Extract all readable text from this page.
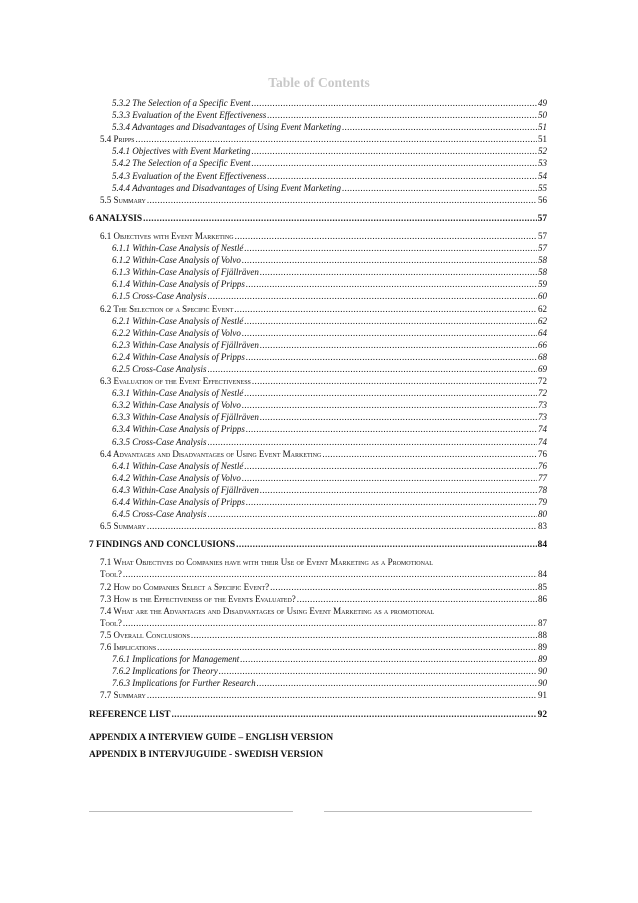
Table of Contents
5.3.2 The Selection of a Specific Event .....	49
5.3.3 Evaluation of the Event Effectiveness .....	50
5.3.4 Advantages and Disadvantages of Using Event Marketing .....	51
5.4 Pripps .....	51
5.4.1 Objectives with Event Marketing .....	52
5.4.2 The Selection of a Specific Event .....	53
5.4.3 Evaluation of the Event Effectiveness .....	54
5.4.4 Advantages and Disadvantages of Using Event Marketing .....	55
5.5 Summary .....	56
6 ANALYSIS .....	57
6.1 Objectives with Event Marketing .....	57
6.1.1 Within-Case Analysis of Nestlé .....	57
6.1.2 Within-Case Analysis of Volvo .....	58
6.1.3 Within-Case Analysis of Fjällräven .....	58
6.1.4 Within-Case Analysis of Pripps .....	59
6.1.5 Cross-Case Analysis .....	60
6.2 The Selection of a Specific Event .....	62
6.2.1 Within-Case Analysis of Nestlé .....	62
6.2.2 Within-Case Analysis of Volvo .....	64
6.2.3 Within-Case Analysis of Fjällräven .....	66
6.2.4 Within-Case Analysis of Pripps .....	68
6.2.5 Cross-Case Analysis .....	69
6.3 Evaluation of the Event Effectiveness .....	72
6.3.1 Within-Case Analysis of Nestlé .....	72
6.3.2 Within-Case Analysis of Volvo .....	73
6.3.3 Within-Case Analysis of Fjällräven .....	73
6.3.4 Within-Case Analysis of Pripps .....	74
6.3.5 Cross-Case Analysis .....	74
6.4 Advantages and Disadvantages of Using Event Marketing .....	76
6.4.1 Within-Case Analysis of Nestlé .....	76
6.4.2 Within-Case Analysis of Volvo .....	77
6.4.3 Within-Case Analysis of Fjällräven .....	78
6.4.4 Within-Case Analysis of Pripps .....	79
6.4.5 Cross-Case Analysis .....	80
6.5 Summary .....	83
7 FINDINGS AND CONCLUSIONS .....	84
7.1 What Objectives do Companies have with their Use of Event Marketing as a Promotional
Tool? .....	84
7.2 How do Companies Select a Specific Event? .....	85
7.3 How is the Effectiveness of the Events Evaluated? .....	86
7.4 What are the Advantages and Disadvantages of Using Event Marketing as a promotional
Tool? .....	87
7.5 Overall Conclusions .....	88
7.6 Implications .....	89
7.6.1 Implications for Management .....	89
7.6.2 Implications for Theory .....	90
7.6.3 Implications for Further Research .....	90
7.7 Summary .....	91
REFERENCE LIST .....	92
APPENDIX A INTERVIEW GUIDE – ENGLISH VERSION
APPENDIX B INTERVJUGUIDE - SWEDISH VERSION
